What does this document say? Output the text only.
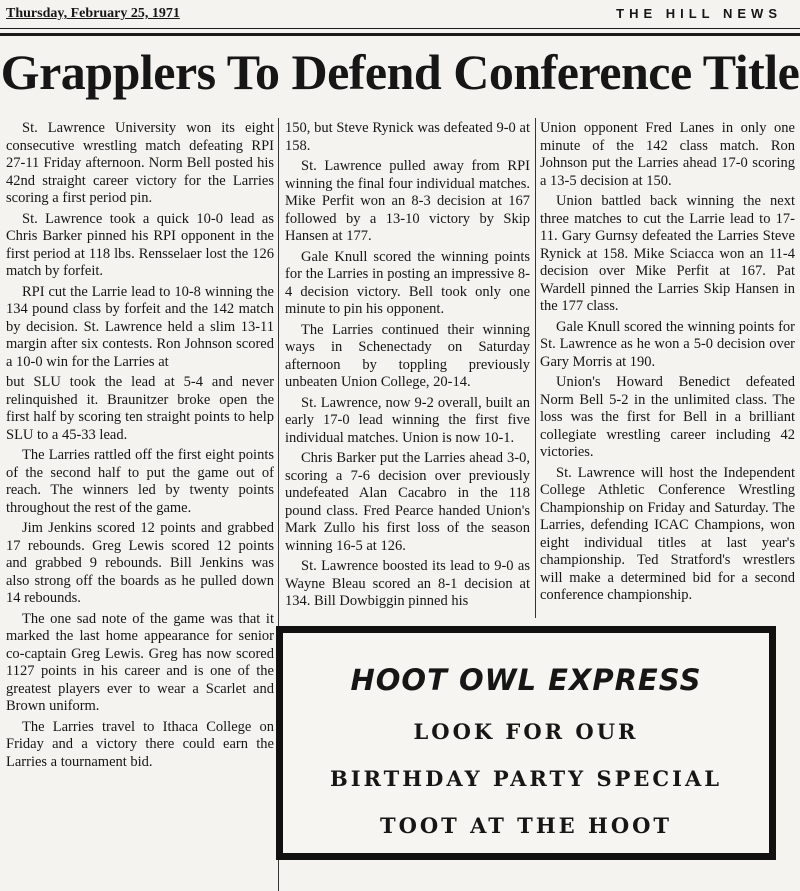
Thursday, February 25, 1971	THE HILL NEWS
Grapplers To Defend Conference Title

St. Lawrence University won its eight consecutive wrestling match defeating RPI 27-11 Friday afternoon. Norm Bell posted his 42nd straight career victory for the Larries scoring a first period pin.

St. Lawrence took a quick 10-0 lead as Chris Barker pinned his RPI opponent in the first period at 118 lbs. Rensselaer lost the 126 match by forfeit.

RPI cut the Larrie lead to 10-8 winning the 134 pound class by forfeit and the 142 match by decision. St. Lawrence held a slim 13-11 margin after six contests. Ron Johnson scored a 10-0 win for the Larries at

but SLU took the lead at 5-4 and never relinquished it. Braunitzer broke open the first half by scoring ten straight points to help SLU to a 45-33 lead.

The Larries rattled off the first eight points of the second half to put the game out of reach. The winners led by twenty points throughout the rest of the game.

Jim Jenkins scored 12 points and grabbed 17 rebounds. Greg Lewis scored 12 points and grabbed 9 rebounds. Bill Jenkins was also strong off the boards as he pulled down 14 rebounds.

The one sad note of the game was that it marked the last home appearance for senior co-captain Greg Lewis. Greg has now scored 1127 points in his career and is one of the greatest players ever to wear a Scarlet and Brown uniform.

The Larries travel to Ithaca College on Friday and a victory there could earn the Larries a tournament bid.

150, but Steve Rynick was defeated 9-0 at 158.

St. Lawrence pulled away from RPI winning the final four individual matches. Mike Perfit won an 8-3 decision at 167 followed by a 13-10 victory by Skip Hansen at 177.

Gale Knull scored the winning points for the Larries in posting an impressive 8-4 decision victory. Bell took only one minute to pin his opponent.

The Larries continued their winning ways in Schenectady on Saturday afternoon by toppling previously unbeaten Union College, 20-14.

St. Lawrence, now 9-2 overall, built an early 17-0 lead winning the first five individual matches. Union is now 10-1.

Chris Barker put the Larries ahead 3-0, scoring a 7-6 decision over previously undefeated Alan Cacabro in the 118 pound class. Fred Pearce handed Union's Mark Zullo his first loss of the season winning 16-5 at 126.

St. Lawrence boosted its lead to 9-0 as Wayne Bleau scored an 8-1 decision at 134. Bill Dowbiggin pinned his

Union opponent Fred Lanes in only one minute of the 142 class match. Ron Johnson put the Larries ahead 17-0 scoring a 13-5 decision at 150.

Union battled back winning the next three matches to cut the Larrie lead to 17-11. Gary Gurnsy defeated the Larries Steve Rynick at 158. Mike Sciacca won an 11-4 decision over Mike Perfit at 167. Pat Wardell pinned the Larries Skip Hansen in the 177 class.

Gale Knull scored the winning points for St. Lawrence as he won a 5-0 decision over Gary Morris at 190.

Union's Howard Benedict defeated Norm Bell 5-2 in the unlimited class. The loss was the first for Bell in a brilliant collegiate wrestling career including 42 victories.

St. Lawrence will host the Independent College Athletic Conference Wrestling Championship on Friday and Saturday. The Larries, defending ICAC Champions, won eight individual titles at last year's championship. Ted Stratford's wrestlers will make a determined bid for a second conference championship.

HOOT OWL EXPRESS
LOOK FOR OUR
BIRTHDAY PARTY SPECIAL
TOOT AT THE HOOT
